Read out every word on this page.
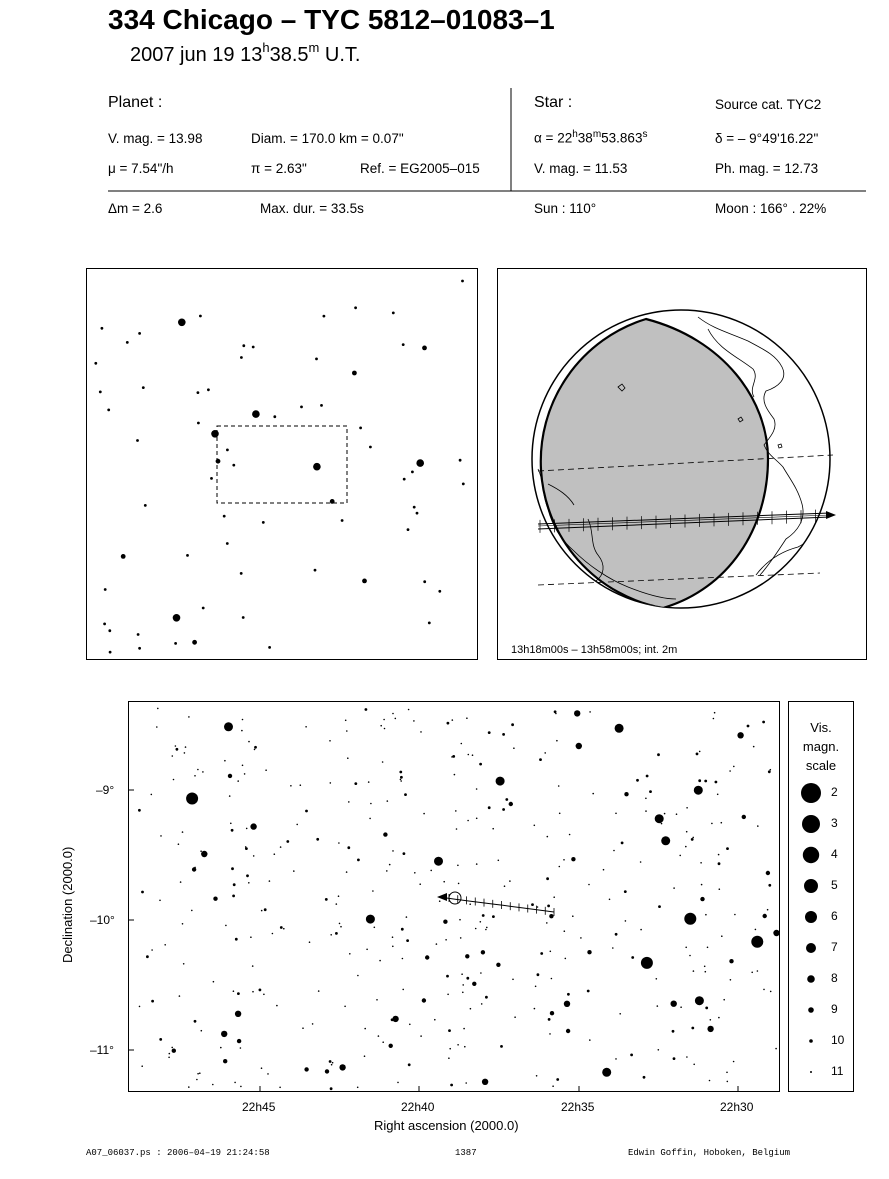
334 Chicago – TYC 5812–01083–1
2007 jun 19 13$^h$38.5$^m$ U.T.
Planet :
V. mag. = 13.98	Diam. = 170.0 km = 0.07"
μ = 7.54"/h	π = 2.63"	Ref. = EG2005–015
Star :	Source cat. TYC2
$\alpha = 22^h38^m53.863^s$	δ = – 9°49'16.22"
V. mag. = 11.53	Ph. mag. = 12.73
Δm = 2.6	Max. dur. = 33.5s	Sun : 110°	Moon : 166° . 22%
13h18m00s – 13h58m00s; int. 2m
–9°
–10°
–11°
22h45	22h40	22h35	22h30
Right ascension (2000.0)
Declination (2000.0)
Vis.
magn.
scale
2
3
4
5
6
7
8
9
10
11
A07_06037.ps : 2006–04–19 21:24:58	1387	Edwin Goffin, Hoboken, Belgium
